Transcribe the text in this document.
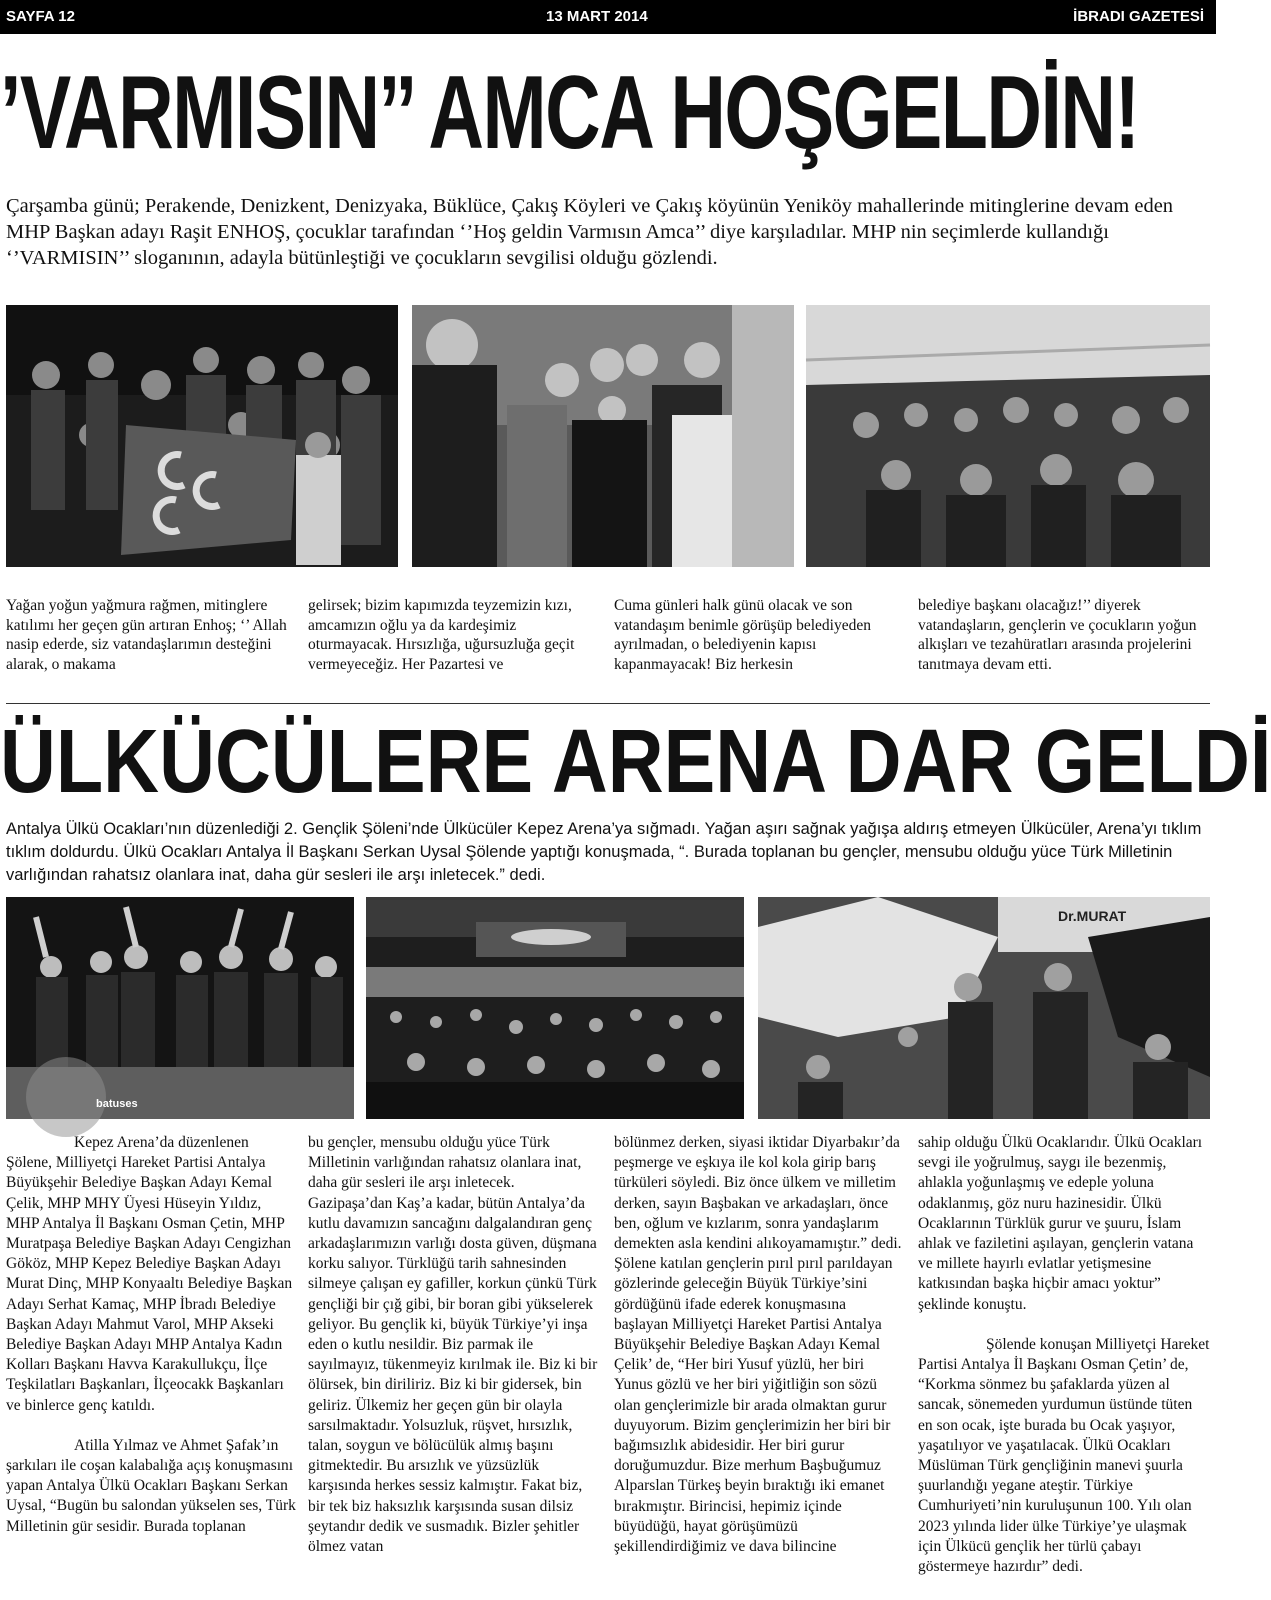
SAYFA 12	13 MART 2014	İBRADI GAZETESİ
’VARMISIN’’ AMCA HOŞGELDİN!
Çarşamba günü; Perakende, Denizkent, Denizyaka, Büklüce, Çakış Köyleri ve Çakış köyünün Yeniköy mahallerinde mitinglerine devam eden MHP Başkan adayı Raşit ENHOŞ, çocuklar tarafından ‘’Hoş geldin Varmısın Amca’’ diye karşıladılar. MHP nin seçimlerde kullandığı ‘’VARMISIN’’ sloganının, adayla bütünleştiği ve çocukların sevgilisi olduğu gözlendi.
Yağan yoğun yağmura rağmen, mitinglere katılımı her geçen gün artıran Enhoş; ‘’ Allah nasip ederde, siz vatandaşlarımın desteğini alarak, o makama
gelirsek; bizim kapımızda teyzemizin kızı, amcamızın oğlu ya da kardeşimiz oturmayacak. Hırsızlığa, uğursuzluğa geçit vermeyeceğiz. Her Pazartesi ve
Cuma günleri halk günü olacak ve son vatandaşım benimle görüşüp belediyeden ayrılmadan, o belediyenin kapısı kapanmayacak! Biz herkesin
belediye başkanı olacağız!’’ diyerek vatandaşların, gençlerin ve çocukların yoğun alkışları ve tezahüratları arasında projelerini tanıtmaya devam etti.
ÜLKÜCÜLERE ARENA DAR GELDİ
Antalya Ülkü Ocakları’nın düzenlediği 2. Gençlik Şöleni’nde Ülkücüler Kepez Arena’ya sığmadı. Yağan aşırı sağnak yağışa aldırış etmeyen Ülkücüler, Arena’yı tıklım tıklım doldurdu. Ülkü Ocakları Antalya İl Başkanı Serkan Uysal Şölende yaptığı konuşmada, “. Burada toplanan bu gençler, mensubu olduğu yüce Türk Milletinin varlığından rahatsız olanlara inat, daha gür sesleri ile arşı inletecek.” dedi.
batuses
Dr.MURAT

Kepez Arena’da düzenlenen Şölene, Milliyetçi Hareket Partisi Antalya Büyükşehir Belediye Başkan Adayı Kemal Çelik, MHP MHY Üyesi Hüseyin Yıldız, MHP Antalya İl Başkanı Osman Çetin, MHP Muratpaşa Belediye Başkan Adayı Cengizhan Gököz, MHP Kepez Belediye Başkan Adayı Murat Dinç, MHP Konyaaltı Belediye Başkan Adayı Serhat Kamaç, MHP İbradı Belediye Başkan Adayı Mahmut Varol, MHP Akseki Belediye Başkan Adayı MHP Antalya Kadın Kolları Başkanı Havva Karakullukçu, İlçe Teşkilatları Başkanları, İlçeocakk Başkanları ve binlerce genç katıldı.

Atilla Yılmaz ve Ahmet Şafak’ın şarkıları ile coşan kalabalığa açış konuşmasını yapan Antalya Ülkü Ocakları Başkanı Serkan Uysal, “Bugün bu salondan yükselen ses, Türk Milletinin gür sesidir. Burada toplanan

bu gençler, mensubu olduğu yüce Türk Milletinin varlığından rahatsız olanlara inat, daha gür sesleri ile arşı inletecek. Gazipaşa’dan Kaş’a kadar, bütün Antalya’da kutlu davamızın sancağını dalgalandıran genç arkadaşlarımızın varlığı dosta güven, düşmana korku salıyor. Türklüğü tarih sahnesinden silmeye çalışan ey gafiller, korkun çünkü Türk gençliği bir çığ gibi, bir boran gibi yükselerek geliyor. Bu gençlik ki, büyük Türkiye’yi inşa eden o kutlu nesildir. Biz parmak ile sayılmayız, tükenmeyiz kırılmak ile. Biz ki bir ölürsek, bin diriliriz. Biz ki bir gidersek, bin geliriz. Ülkemiz her geçen gün bir olayla sarsılmaktadır. Yolsuzluk, rüşvet, hırsızlık, talan, soygun ve bölücülük almış başını gitmektedir. Bu arsızlık ve yüzsüzlük karşısında herkes sessiz kalmıştır. Fakat biz, bir tek biz haksızlık karşısında susan dilsiz şeytandır dedik ve susmadık. Bizler şehitler ölmez vatan

bölünmez derken, siyasi iktidar Diyarbakır’da peşmerge ve eşkıya ile kol kola girip barış türküleri söyledi. Biz önce ülkem ve milletim derken, sayın Başbakan ve arkadaşları, önce ben, oğlum ve kızlarım, sonra yandaşlarım demekten asla kendini alıkoyamamıştır.” dedi. Şölene katılan gençlerin pırıl pırıl parıldayan gözlerinde geleceğin Büyük Türkiye’sini gördüğünü ifade ederek konuşmasına başlayan Milliyetçi Hareket Partisi Antalya Büyükşehir Belediye Başkan Adayı Kemal Çelik’ de, “Her biri Yusuf yüzlü, her biri Yunus gözlü ve her biri yiğitliğin son sözü olan gençlerimizle bir arada olmaktan gurur duyuyorum. Bizim gençlerimizin her biri bir bağımsızlık abidesidir. Her biri gurur doruğumuzdur. Bize merhum Başbuğumuz Alparslan Türkeş beyin bıraktığı iki emanet bırakmıştır. Birincisi, hepimiz içinde büyüdüğü, hayat görüşümüzü şekillendirdiğimiz ve dava bilincine

sahip olduğu Ülkü Ocaklarıdır. Ülkü Ocakları sevgi ile yoğrulmuş, saygı ile bezenmiş, ahlakla yoğunlaşmış ve edeple yoluna odaklanmış, göz nuru hazinesidir. Ülkü Ocaklarının Türklük gurur ve şuuru, İslam ahlak ve faziletini aşılayan, gençlerin vatana ve millete hayırlı evlatlar yetişmesine katkısından başka hiçbir amacı yoktur” şeklinde konuştu.

Şölende konuşan Milliyetçi Hareket Partisi Antalya İl Başkanı Osman Çetin’ de, “Korkma sönmez bu şafaklarda yüzen al sancak, sönemeden yurdumun üstünde tüten en son ocak, işte burada bu Ocak yaşıyor, yaşatılıyor ve yaşatılacak. Ülkü Ocakları Müslüman Türk gençliğinin manevi şuurla şuurlandığı yegane ateştir. Türkiye Cumhuriyeti’nin kuruluşunun 100. Yılı olan 2023 yılında lider ülke Türkiye’ye ulaşmak için Ülkücü gençlik her türlü çabayı göstermeye hazırdır” dedi.
